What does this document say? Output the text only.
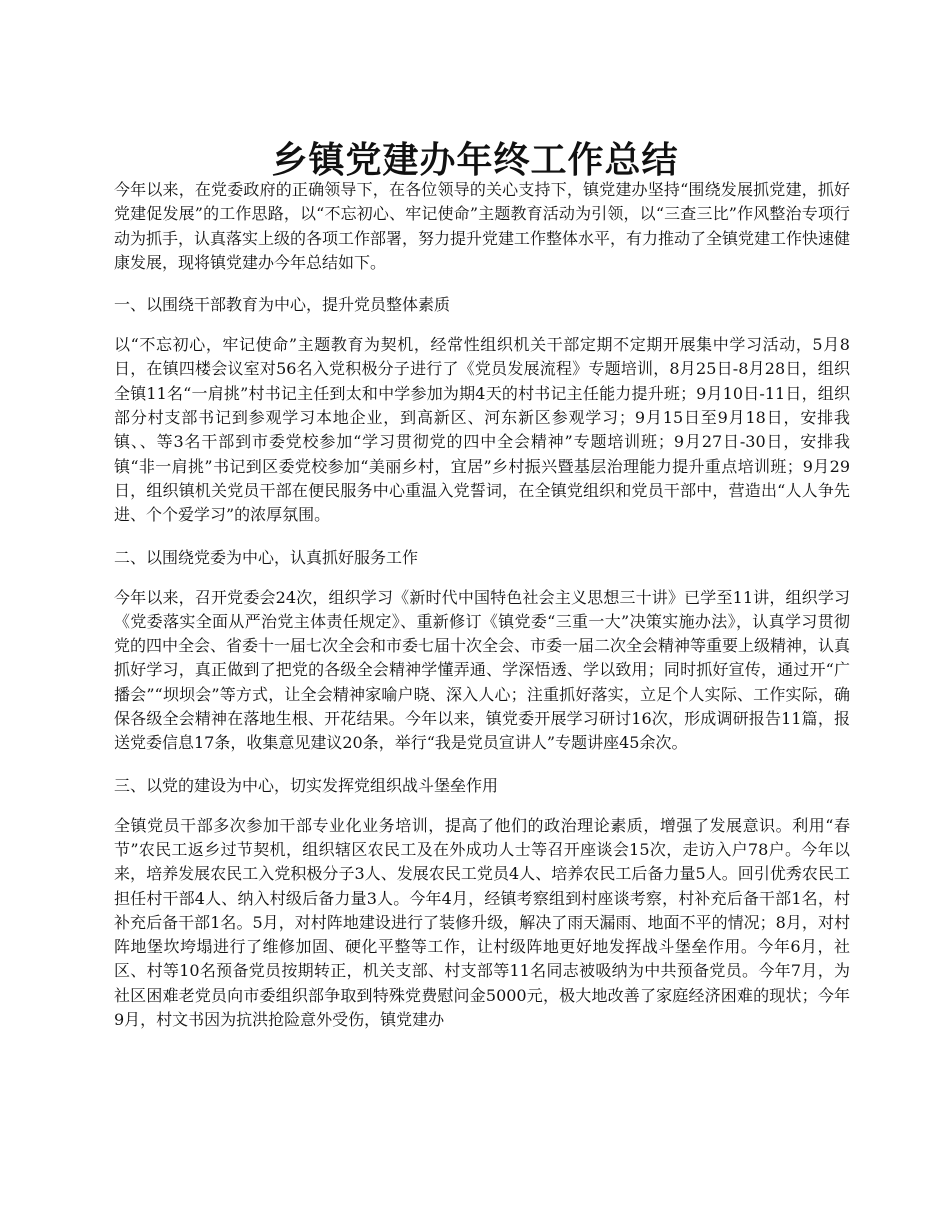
乡镇党建办年终工作总结

今年以来，在党委政府的正确领导下，在各位领导的关心支持下，镇党建办坚持“围绕发展抓党建，抓好党建促发展”的工作思路，以“不忘初心、牢记使命”主题教育活动为引领，以“三查三比”作风整治专项行动为抓手，认真落实上级的各项工作部署，努力提升党建工作整体水平，有力推动了全镇党建工作快速健康发展，现将镇党建办今年总结如下。

一、以围绕干部教育为中心，提升党员整体素质

以“不忘初心，牢记使命”主题教育为契机，经常性组织机关干部定期不定期开展集中学习活动，5月8日，在镇四楼会议室对56名入党积极分子进行了《党员发展流程》专题培训，8月25日-8月28日，组织全镇11名“一肩挑”村书记主任到太和中学参加为期4天的村书记主任能力提升班；9月10日-11日，组织部分村支部书记到参观学习本地企业，到高新区、河东新区参观学习；9月15日至9月18日，安排我镇、、等3名干部到市委党校参加“学习贯彻党的四中全会精神”专题培训班；9月27日-30日，安排我镇“非一肩挑”书记到区委党校参加“美丽乡村，宜居”乡村振兴暨基层治理能力提升重点培训班；9月29日，组织镇机关党员干部在便民服务中心重温入党誓词，在全镇党组织和党员干部中，营造出“人人争先进、个个爱学习”的浓厚氛围。

二、以围绕党委为中心，认真抓好服务工作

今年以来，召开党委会24次，组织学习《新时代中国特色社会主义思想三十讲》已学至11讲，组织学习《党委落实全面从严治党主体责任规定》、重新修订《镇党委“三重一大”决策实施办法》，认真学习贯彻党的四中全会、省委十一届七次全会和市委七届十次全会、市委一届二次全会精神等重要上级精神，认真抓好学习，真正做到了把党的各级全会精神学懂弄通、学深悟透、学以致用；同时抓好宣传，通过开“广播会”“坝坝会”等方式，让全会精神家喻户晓、深入人心；注重抓好落实，立足个人实际、工作实际，确保各级全会精神在落地生根、开花结果。今年以来，镇党委开展学习研讨16次，形成调研报告11篇，报送党委信息17条，收集意见建议20条，举行“我是党员宣讲人”专题讲座45余次。

三、以党的建设为中心，切实发挥党组织战斗堡垒作用

全镇党员干部多次参加干部专业化业务培训，提高了他们的政治理论素质，增强了发展意识。利用“春节”农民工返乡过节契机，组织辖区农民工及在外成功人士等召开座谈会15次，走访入户78户。今年以来，培养发展农民工入党积极分子3人、发展农民工党员4人、培养农民工后备力量5人。回引优秀农民工担任村干部4人、纳入村级后备力量3人。今年4月，经镇考察组到村座谈考察，村补充后备干部1名，村补充后备干部1名。5月，对村阵地建设进行了装修升级，解决了雨天漏雨、地面不平的情况；8月，对村阵地堡坎垮塌进行了维修加固、硬化平整等工作，让村级阵地更好地发挥战斗堡垒作用。今年6月，社区、村等10名预备党员按期转正，机关支部、村支部等11名同志被吸纳为中共预备党员。今年7月，为社区困难老党员向市委组织部争取到特殊党费慰问金5000元，极大地改善了家庭经济困难的现状；今年9月，村文书因为抗洪抢险意外受伤，镇党建办
